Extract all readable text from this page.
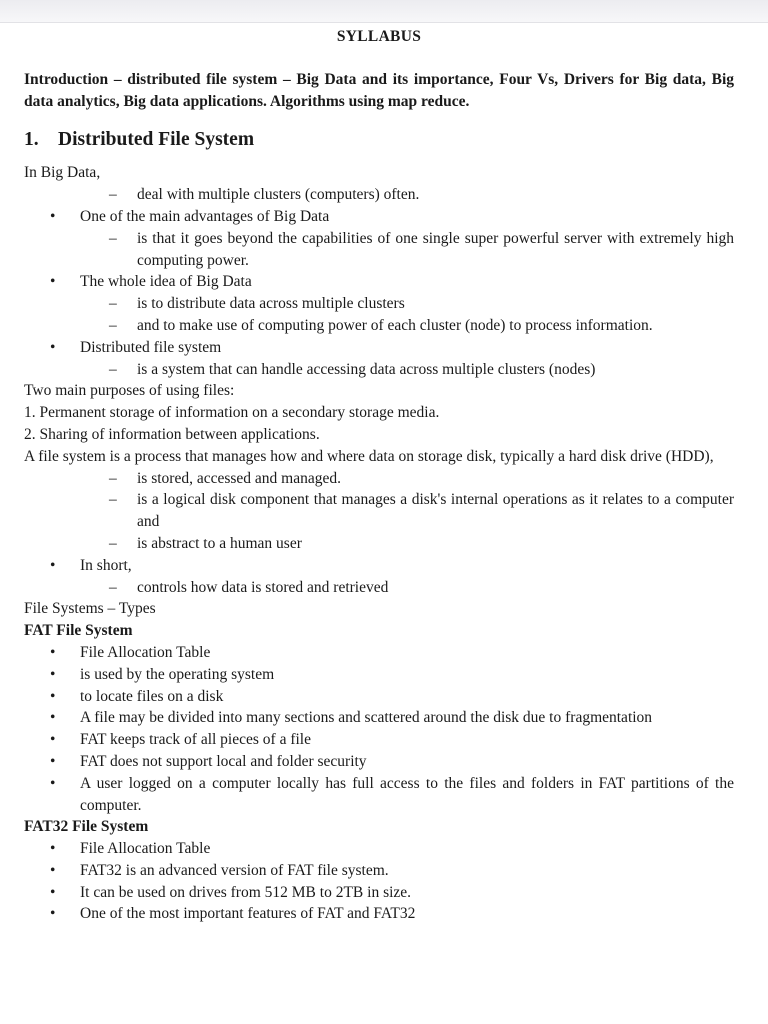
SYLLABUS

Introduction – distributed file system – Big Data and its importance, Four Vs, Drivers for Big data, Big data analytics, Big data applications. Algorithms using map reduce.

1. Distributed File System

In Big Data,

– deal with multiple clusters (computers) often.
• One of the main advantages of Big Data
– is that it goes beyond the capabilities of one single super powerful server with extremely high computing power.
• The whole idea of Big Data
– is to distribute data across multiple clusters
– and to make use of computing power of each cluster (node) to process information.
• Distributed file system
– is a system that can handle accessing data across multiple clusters (nodes)

Two main purposes of using files:

1. Permanent storage of information on a secondary storage media.

2. Sharing of information between applications.

A file system is a process that manages how and where data on storage disk, typically a hard disk drive (HDD),

– is stored, accessed and managed.
– is a logical disk component that manages a disk's internal operations as it relates to a computer and
– is abstract to a human user
• In short,
– controls how data is stored and retrieved

File Systems – Types

FAT File System

• File Allocation Table
• is used by the operating system
• to locate files on a disk
• A file may be divided into many sections and scattered around the disk due to fragmentation
• FAT keeps track of all pieces of a file
• FAT does not support local and folder security
• A user logged on a computer locally has full access to the files and folders in FAT partitions of the computer.

FAT32 File System

• File Allocation Table
• FAT32 is an advanced version of FAT file system.
• It can be used on drives from 512 MB to 2TB in size.
• One of the most important features of FAT and FAT32
